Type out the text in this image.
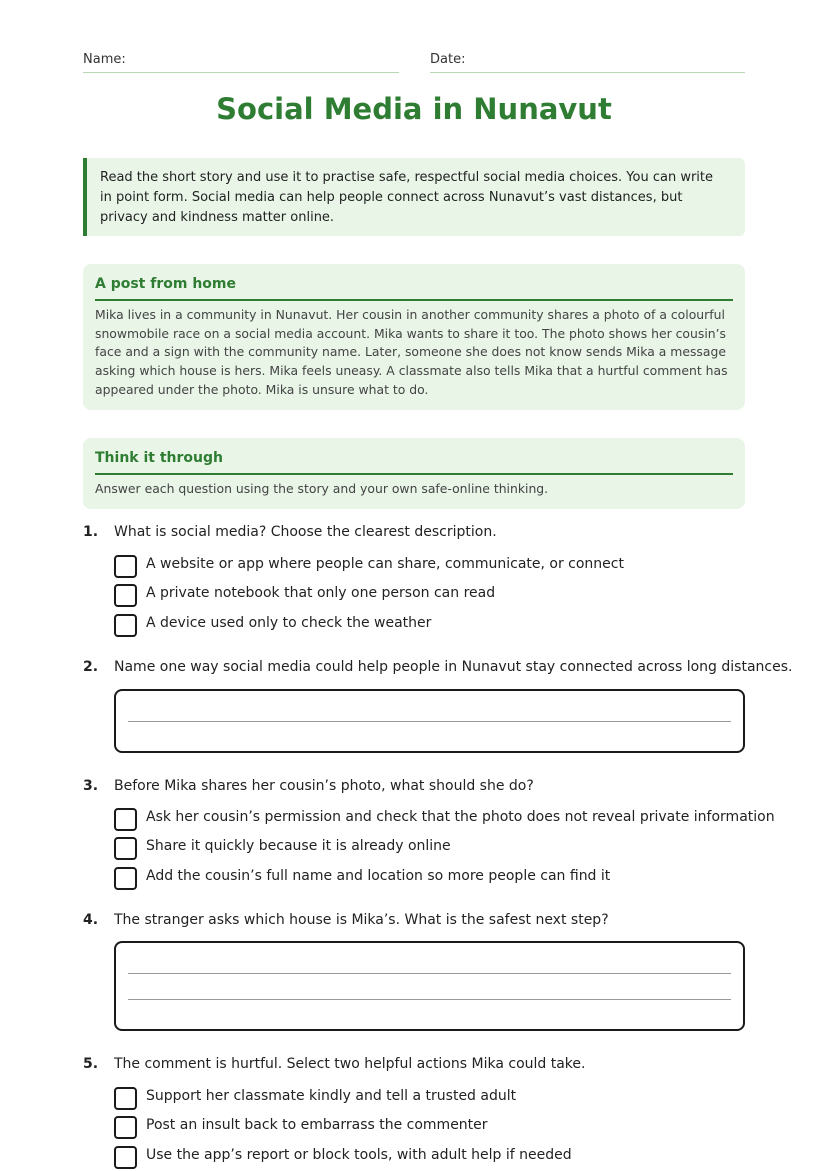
Name:	Date:
Social Media in Nunavut
Read the short story and use it to practise safe, respectful social media choices. You can write in point form. Social media can help people connect across Nunavut’s vast distances, but privacy and kindness matter online.
A post from home

Mika lives in a community in Nunavut. Her cousin in another community shares a photo of a colourful snowmobile race on a social media account. Mika wants to share it too. The photo shows her cousin’s face and a sign with the community name. Later, someone she does not know sends Mika a message asking which house is hers. Mika feels uneasy. A classmate also tells Mika that a hurtful comment has appeared under the photo. Mika is unsure what to do.

Think it through

Answer each question using the story and your own safe-online thinking.

1. What is social media? Choose the clearest description.
A website or app where people can share, communicate, or connect
A private notebook that only one person can read
A device used only to check the weather
2. Name one way social media could help people in Nunavut stay connected across long distances.
3. Before Mika shares her cousin’s photo, what should she do?
Ask her cousin’s permission and check that the photo does not reveal private information
Share it quickly because it is already online
Add the cousin’s full name and location so more people can find it
4. The stranger asks which house is Mika’s. What is the safest next step?
5. The comment is hurtful. Select two helpful actions Mika could take.
Support her classmate kindly and tell a trusted adult
Post an insult back to embarrass the commenter
Use the app’s report or block tools, with adult help if needed
